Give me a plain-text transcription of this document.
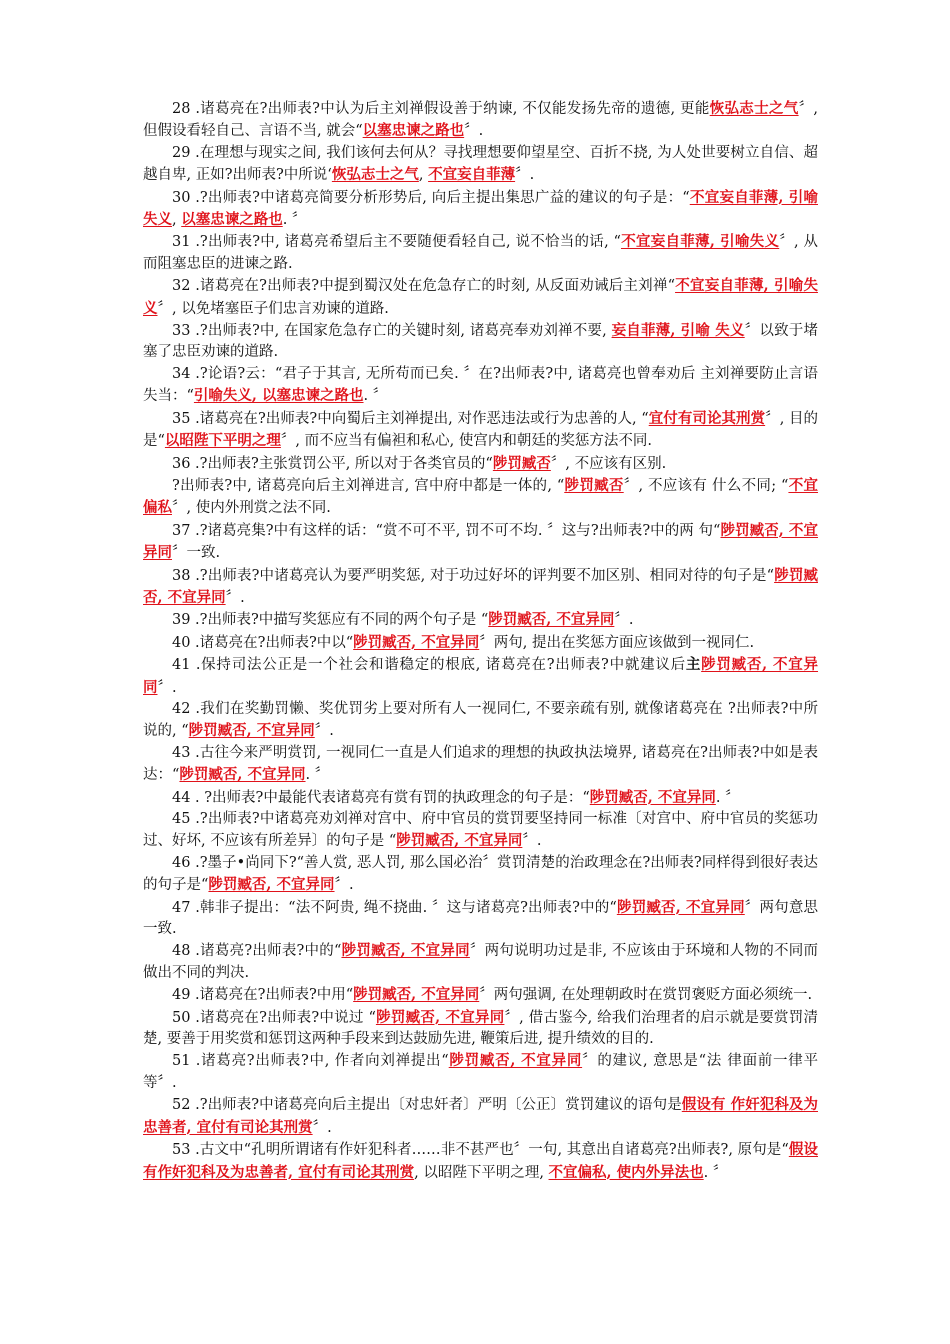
28 .诸葛亮在?出师表?中认为后主刘禅假设善于纳谏, 不仅能发扬先帝的遗德, 更能恢弘志士之气〞, 但假设看轻自己、言语不当, 就会“以塞忠谏之路也〞.

29 .在理想与现实之间, 我们该何去何从？寻找理想要仰望星空、百折不挠, 为人处世要树立自信、超越自卑, 正如?出师表?中所说‘恢弘志士之气, 不宜妄自菲薄〞.

30 .?出师表?中诸葛亮简要分析形势后, 向后主提出集思广益的建议的句子是：“不宜妄自菲薄, 引喻失义, 以塞忠谏之路也. 〞

31 .?出师表?中, 诸葛亮希望后主不要随便看轻自己, 说不恰当的话, “不宜妄自菲薄, 引喻失义〞, 从而阻塞忠臣的进谏之路.

32 .诸葛亮在?出师表?中提到蜀汉处在危急存亡的时刻, 从反面劝诫后主刘禅“不宜妄自菲薄, 引喻失义〞, 以免堵塞臣子们忠言劝谏的道路.

33 .?出师表?中, 在国家危急存亡的关键时刻, 诸葛亮奉劝刘禅不要, 妄自菲薄, 引喻 失义〞以致于堵塞了忠臣劝谏的道路.

34 .?论语?云：“君子于其言, 无所苟而已矣. 〞在?出师表?中, 诸葛亮也曾奉劝后 主刘禅要防止言语失当：“引喻失义, 以塞忠谏之路也. 〞

35 .诸葛亮在?出师表?中向蜀后主刘禅提出, 对作恶违法或行为忠善的人, “宜付有司论其刑赏〞, 目的是“以昭陛下平明之理〞, 而不应当有偏袒和私心, 使宫内和朝廷的奖惩方法不同.

36 .?出师表?主张赏罚公平, 所以对于各类官员的“陟罚臧否〞, 不应该有区别.

?出师表?中, 诸葛亮向后主刘禅进言, 宫中府中都是一体的, “陟罚臧否〞, 不应该有 什么不同; “不宜偏私〞, 使内外刑赏之法不同.

37 .?诸葛亮集?中有这样的话：“赏不可不平, 罚不可不均. 〞这与?出师表?中的两 句“陟罚臧否, 不宜异同〞一致.

38 .?出师表?中诸葛亮认为要严明奖惩, 对于功过好坏的评判要不加区别、相同对待的句子是“陟罚臧否, 不宜异同〞.

39 .?出师表?中描写奖惩应有不同的两个句子是 “陟罚臧否, 不宜异同〞.

40 .诸葛亮在?出师表?中以“陟罚臧否, 不宜异同〞两句, 提出在奖惩方面应该做到一视同仁.

41 .保持司法公正是一个社会和谐稳定的根底, 诸葛亮在?出师表?中就建议后主陟罚臧否, 不宜异同〞.

42 .我们在奖勤罚懒、奖优罚劣上要对所有人一视同仁, 不要亲疏有别, 就像诸葛亮在 ?出师表?中所说的, “陟罚臧否, 不宜异同〞.

43 .古往今来严明赏罚, 一视同仁一直是人们追求的理想的执政执法境界, 诸葛亮在?出师表?中如是表达：“陟罚臧否, 不宜异同. 〞

44 . ?出师表?中最能代表诸葛亮有赏有罚的执政理念的句子是：“陟罚臧否, 不宜异同. 〞

45 .?出师表?中诸葛亮劝刘禅对宫中、府中官员的赏罚要坚持同一标准〔对宫中、府中官员的奖惩功过、好坏, 不应该有所差异〕的句子是 “陟罚臧否, 不宜异同〞.

46 .?墨子•尚同下?“善人赏, 恶人罚, 那么国必治〞赏罚清楚的治政理念在?出师表?同样得到很好表达的句子是“陟罚臧否, 不宜异同〞.

47 .韩非子提出：“法不阿贵, 绳不挠曲. 〞这与诸葛亮?出师表?中的“陟罚臧否, 不宜异同〞两句意思一致.

48 .诸葛亮?出师表?中的“陟罚臧否, 不宜异同〞两句说明功过是非, 不应该由于环境和人物的不同而做出不同的判决.

49 .诸葛亮在?出师表?中用“陟罚臧否, 不宜异同〞两句强调, 在处理朝政时在赏罚褒贬方面必须统一.

50 .诸葛亮在?出师表?中说过 “陟罚臧否, 不宜异同〞, 借古鉴今, 给我们治理者的启示就是要赏罚清楚, 要善于用奖赏和惩罚这两种手段来到达鼓励先进, 鞭策后进, 提升绩效的目的.

51 .诸葛亮?出师表?中, 作者向刘禅提出“陟罚臧否, 不宜异同〞的建议, 意思是“法 律面前一律平等〞.

52 .?出师表?中诸葛亮向后主提出〔对忠奸者〕严明〔公正〕赏罚建议的语句是假设有 作奸犯科及为忠善者, 宜付有司论其刑赏〞.

53 .古文中“孔明所谓诸有作奸犯科者……非不甚严也〞一句, 其意出自诸葛亮?出师表?, 原句是“假设有作奸犯科及为忠善者, 宜付有司论其刑赏, 以昭陛下平明之理, 不宜偏私, 使内外异法也. 〞
